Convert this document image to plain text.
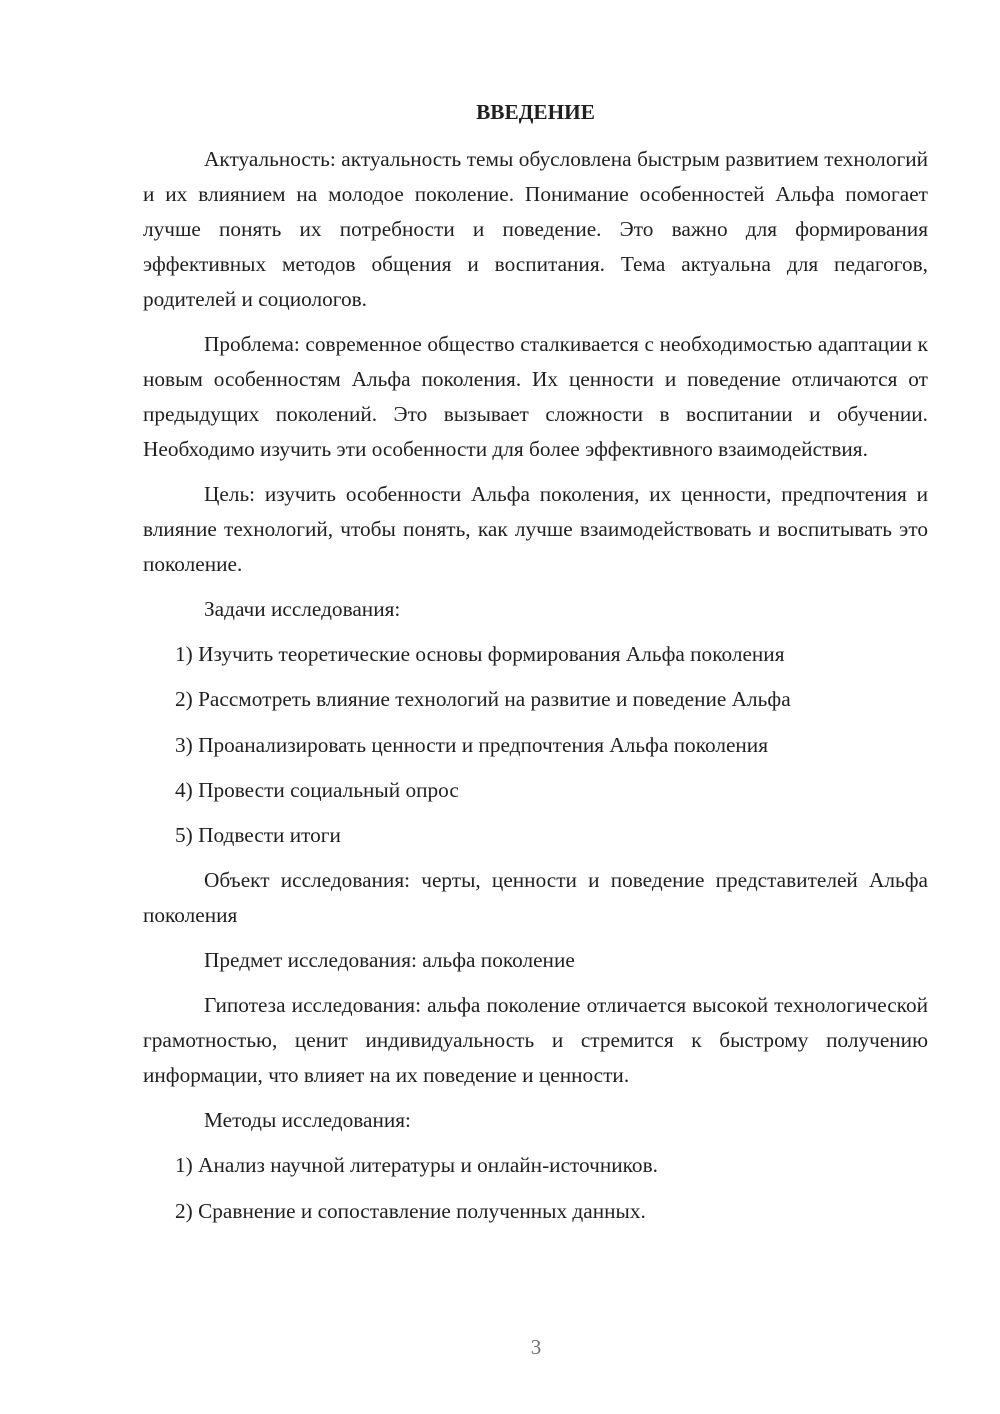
ВВЕДЕНИЕ

Актуальность: актуальность темы обусловлена быстрым развитием технологий и их влиянием на молодое поколение. Понимание особенностей Альфа помогает лучше понять их потребности и поведение. Это важно для формирования эффективных методов общения и воспитания. Тема актуальна для педагогов, родителей и социологов.

Проблема: современное общество сталкивается с необходимостью адаптации к новым особенностям Альфа поколения. Их ценности и поведение отличаются от предыдущих поколений. Это вызывает сложности в воспитании и обучении. Необходимо изучить эти особенности для более эффективного взаимодействия.

Цель: изучить особенности Альфа поколения, их ценности, предпочтения и влияние технологий, чтобы понять, как лучше взаимодействовать и воспитывать это поколение.

Задачи исследования:

1) Изучить теоретические основы формирования Альфа поколения
2) Рассмотреть влияние технологий на развитие и поведение Альфа
3) Проанализировать ценности и предпочтения Альфа поколения
4) Провести социальный опрос
5) Подвести итоги

Объект исследования: черты, ценности и поведение представителей Альфа поколения

Предмет исследования: альфа поколение

Гипотеза исследования: альфа поколение отличается высокой технологической грамотностью, ценит индивидуальность и стремится к быстрому получению информации, что влияет на их поведение и ценности.

Методы исследования:

1) Анализ научной литературы и онлайн-источников.
2) Сравнение и сопоставление полученных данных.
3
